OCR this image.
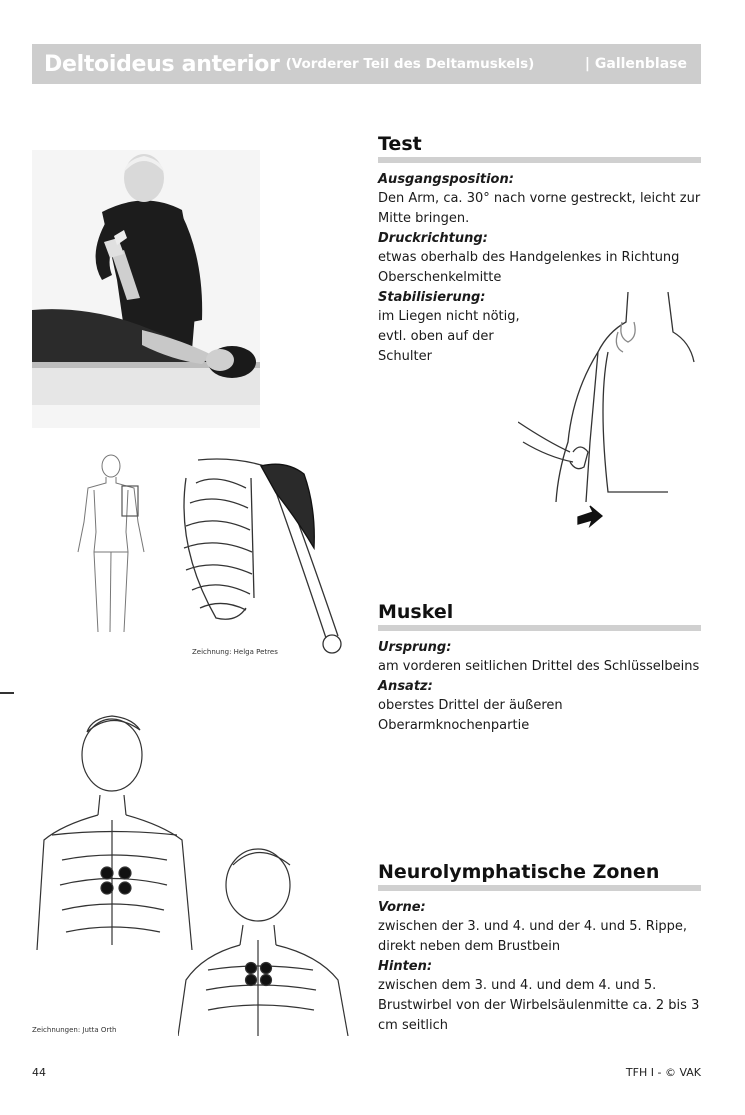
Deltoideus anterior (Vorderer Teil des Deltamuskels)	| Gallenblase
Zeichnung: Helga Petres
Zeichnungen: Jutta Orth
Test
Ausgangsposition:
Den Arm, ca. 30° nach vorne gestreckt, leicht zur Mitte bringen.
Druckrichtung:
etwas oberhalb des Handgelenkes in Richtung Oberschenkelmitte
Stabilisierung:
im Liegen nicht nötig, evtl. oben auf der Schulter
Muskel
Ursprung:
am vorderen seitlichen Drittel des Schlüsselbeins
Ansatz:
oberstes Drittel der äußeren Oberarmknochenpartie
Neurolymphatische Zonen
Vorne:
zwischen der 3. und 4. und der 4. und 5. Rippe, direkt neben dem Brustbein
Hinten:
zwischen dem 3. und 4. und dem 4. und 5. Brustwirbel von der Wirbelsäulenmitte ca. 2 bis 3 cm seitlich
44	TFH I - © VAK
